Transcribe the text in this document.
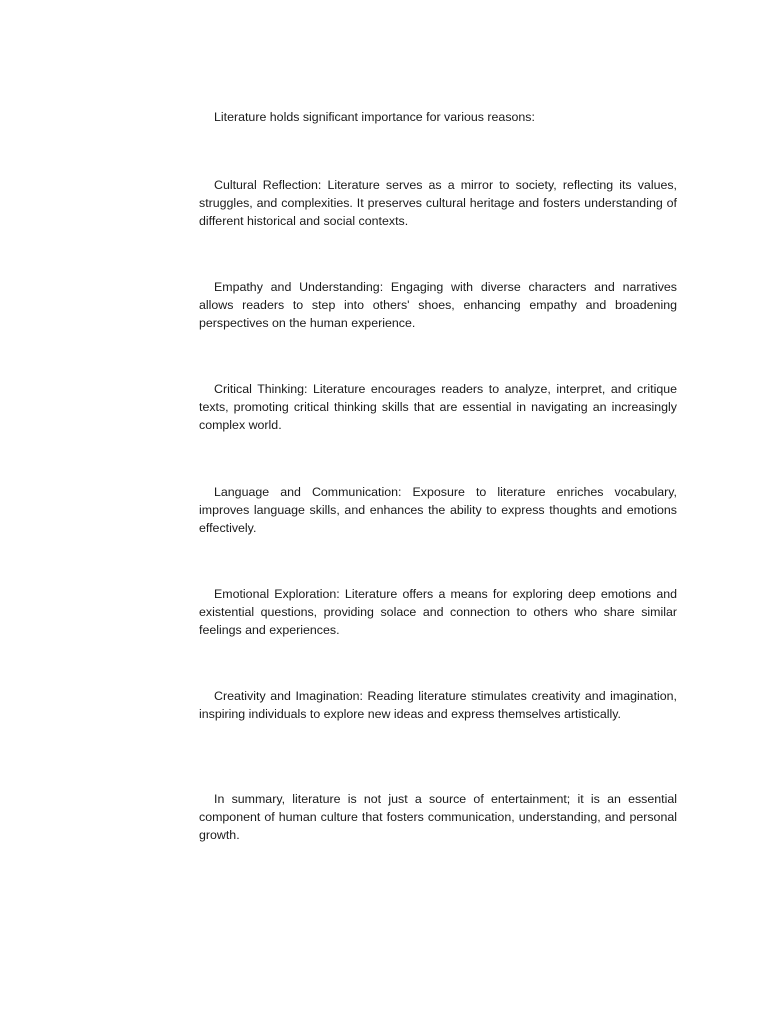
Literature holds significant importance for various reasons:

Cultural Reflection: Literature serves as a mirror to society, reflecting its values, struggles, and complexities. It preserves cultural heritage and fosters understanding of different historical and social contexts.

Empathy and Understanding: Engaging with diverse characters and narratives allows readers to step into others' shoes, enhancing empathy and broadening perspectives on the human experience.

Critical Thinking: Literature encourages readers to analyze, interpret, and critique texts, promoting critical thinking skills that are essential in navigating an increasingly complex world.

Language and Communication: Exposure to literature enriches vocabulary, improves language skills, and enhances the ability to express thoughts and emotions effectively.

Emotional Exploration: Literature offers a means for exploring deep emotions and existential questions, providing solace and connection to others who share similar feelings and experiences.

Creativity and Imagination: Reading literature stimulates creativity and imagination, inspiring individuals to explore new ideas and express themselves artistically.

In summary, literature is not just a source of entertainment; it is an essential component of human culture that fosters communication, understanding, and personal growth.
